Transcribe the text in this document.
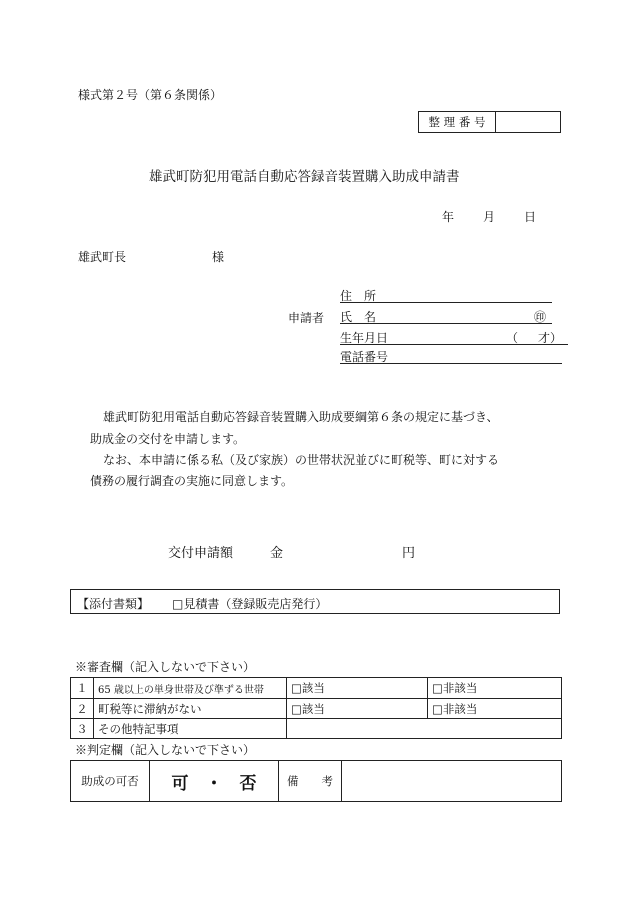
様式第２号（第６条関係）
整 理 番 号	
雄武町防犯用電話自動応答録音装置購入助成申請書
年 月 日
雄武町長	様
申請者
住　所
氏　名	㊞
生年月日	（ 才）
電話番号
雄武町防犯用電話自動応答録音装置購入助成要綱第６条の規定に基づき、
助成金の交付を申請します。
なお、本申請に係る私（及び家族）の世帯状況並びに町税等、町に対する
債務の履行調査の実施に同意します。
交付申請額	金	円
【添付書類】 □見積書（登録販売店発行）
※審査欄（記入しないで下さい）
１	65 歳以上の単身世帯及び準ずる世帯	□該当	□非該当
２	町税等に滞納がない	□該当	□非該当
３	その他特記事項		
※判定欄（記入しないで下さい）
助成の可否	可　・　否	備　　考	
